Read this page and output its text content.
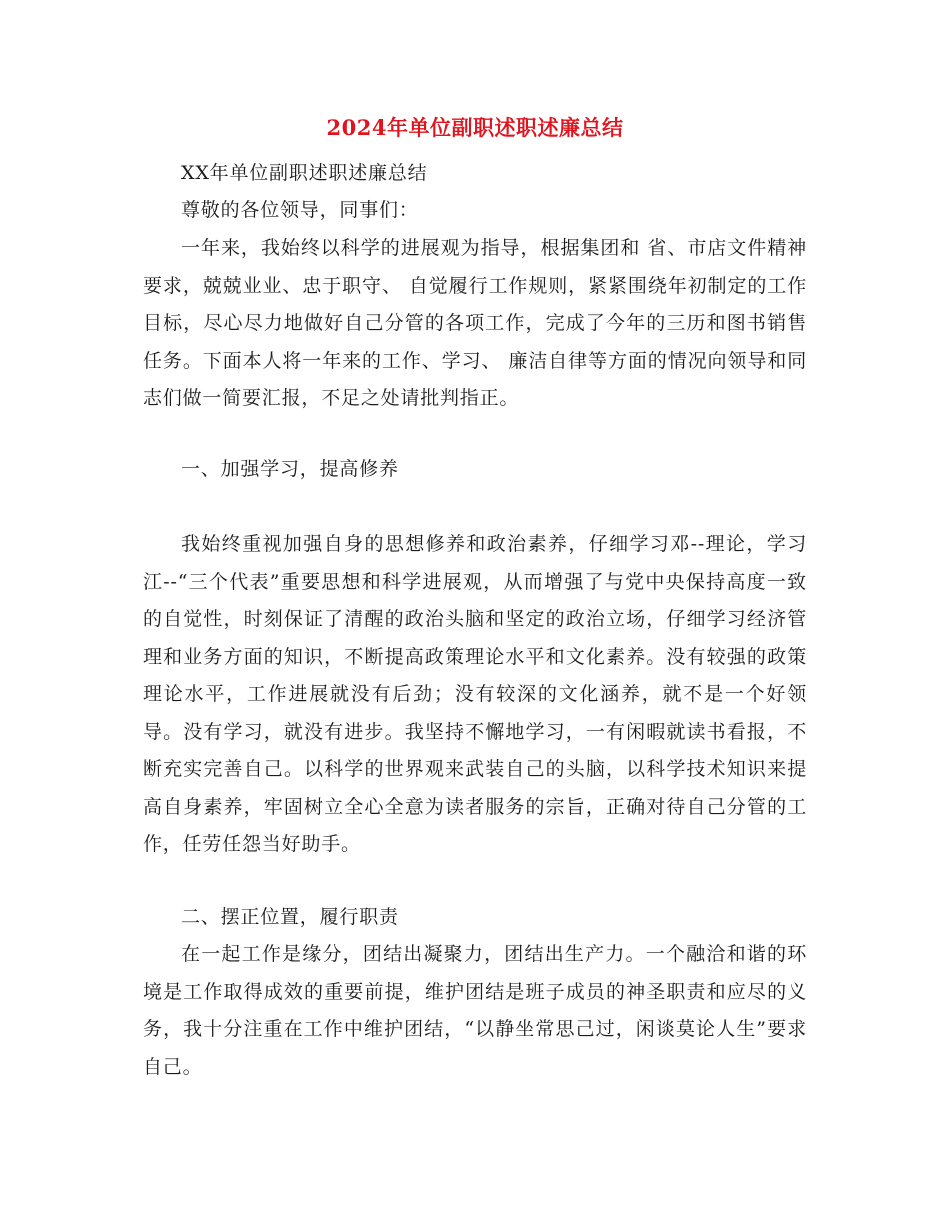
2024年单位副职述职述廉总结
XX年单位副职述职述廉总结
尊敬的各位领导，同事们：
一年来，我始终以科学的进展观为指导，根据集团和 省、市店文件精神要求，兢兢业业、忠于职守、 自觉履行工作规则，紧紧围绕年初制定的工作目标，尽心尽力地做好自己分管的各项工作，完成了今年的三历和图书销售任务。下面本人将一年来的工作、学习、 廉洁自律等方面的情况向领导和同志们做一简要汇报，不足之处请批判指正。
一、加强学习，提高修养
我始终重视加强自身的思想修养和政治素养，仔细学习邓--理论，学习江--“三个代表”重要思想和科学进展观，从而增强了与党中央保持高度一致的自觉性，时刻保证了清醒的政治头脑和坚定的政治立场，仔细学习经济管理和业务方面的知识，不断提高政策理论水平和文化素养。没有较强的政策理论水平，工作进展就没有后劲；没有较深的文化涵养，就不是一个好领导。没有学习，就没有进步。我坚持不懈地学习，一有闲暇就读书看报，不断充实完善自己。以科学的世界观来武装自己的头脑，以科学技术知识来提高自身素养，牢固树立全心全意为读者服务的宗旨，正确对待自己分管的工作，任劳任怨当好助手。
二、摆正位置，履行职责
在一起工作是缘分，团结出凝聚力，团结出生产力。一个融洽和谐的环境是工作取得成效的重要前提，维护团结是班子成员的神圣职责和应尽的义务，我十分注重在工作中维护团结，“以静坐常思己过，闲谈莫论人生”要求自己。
